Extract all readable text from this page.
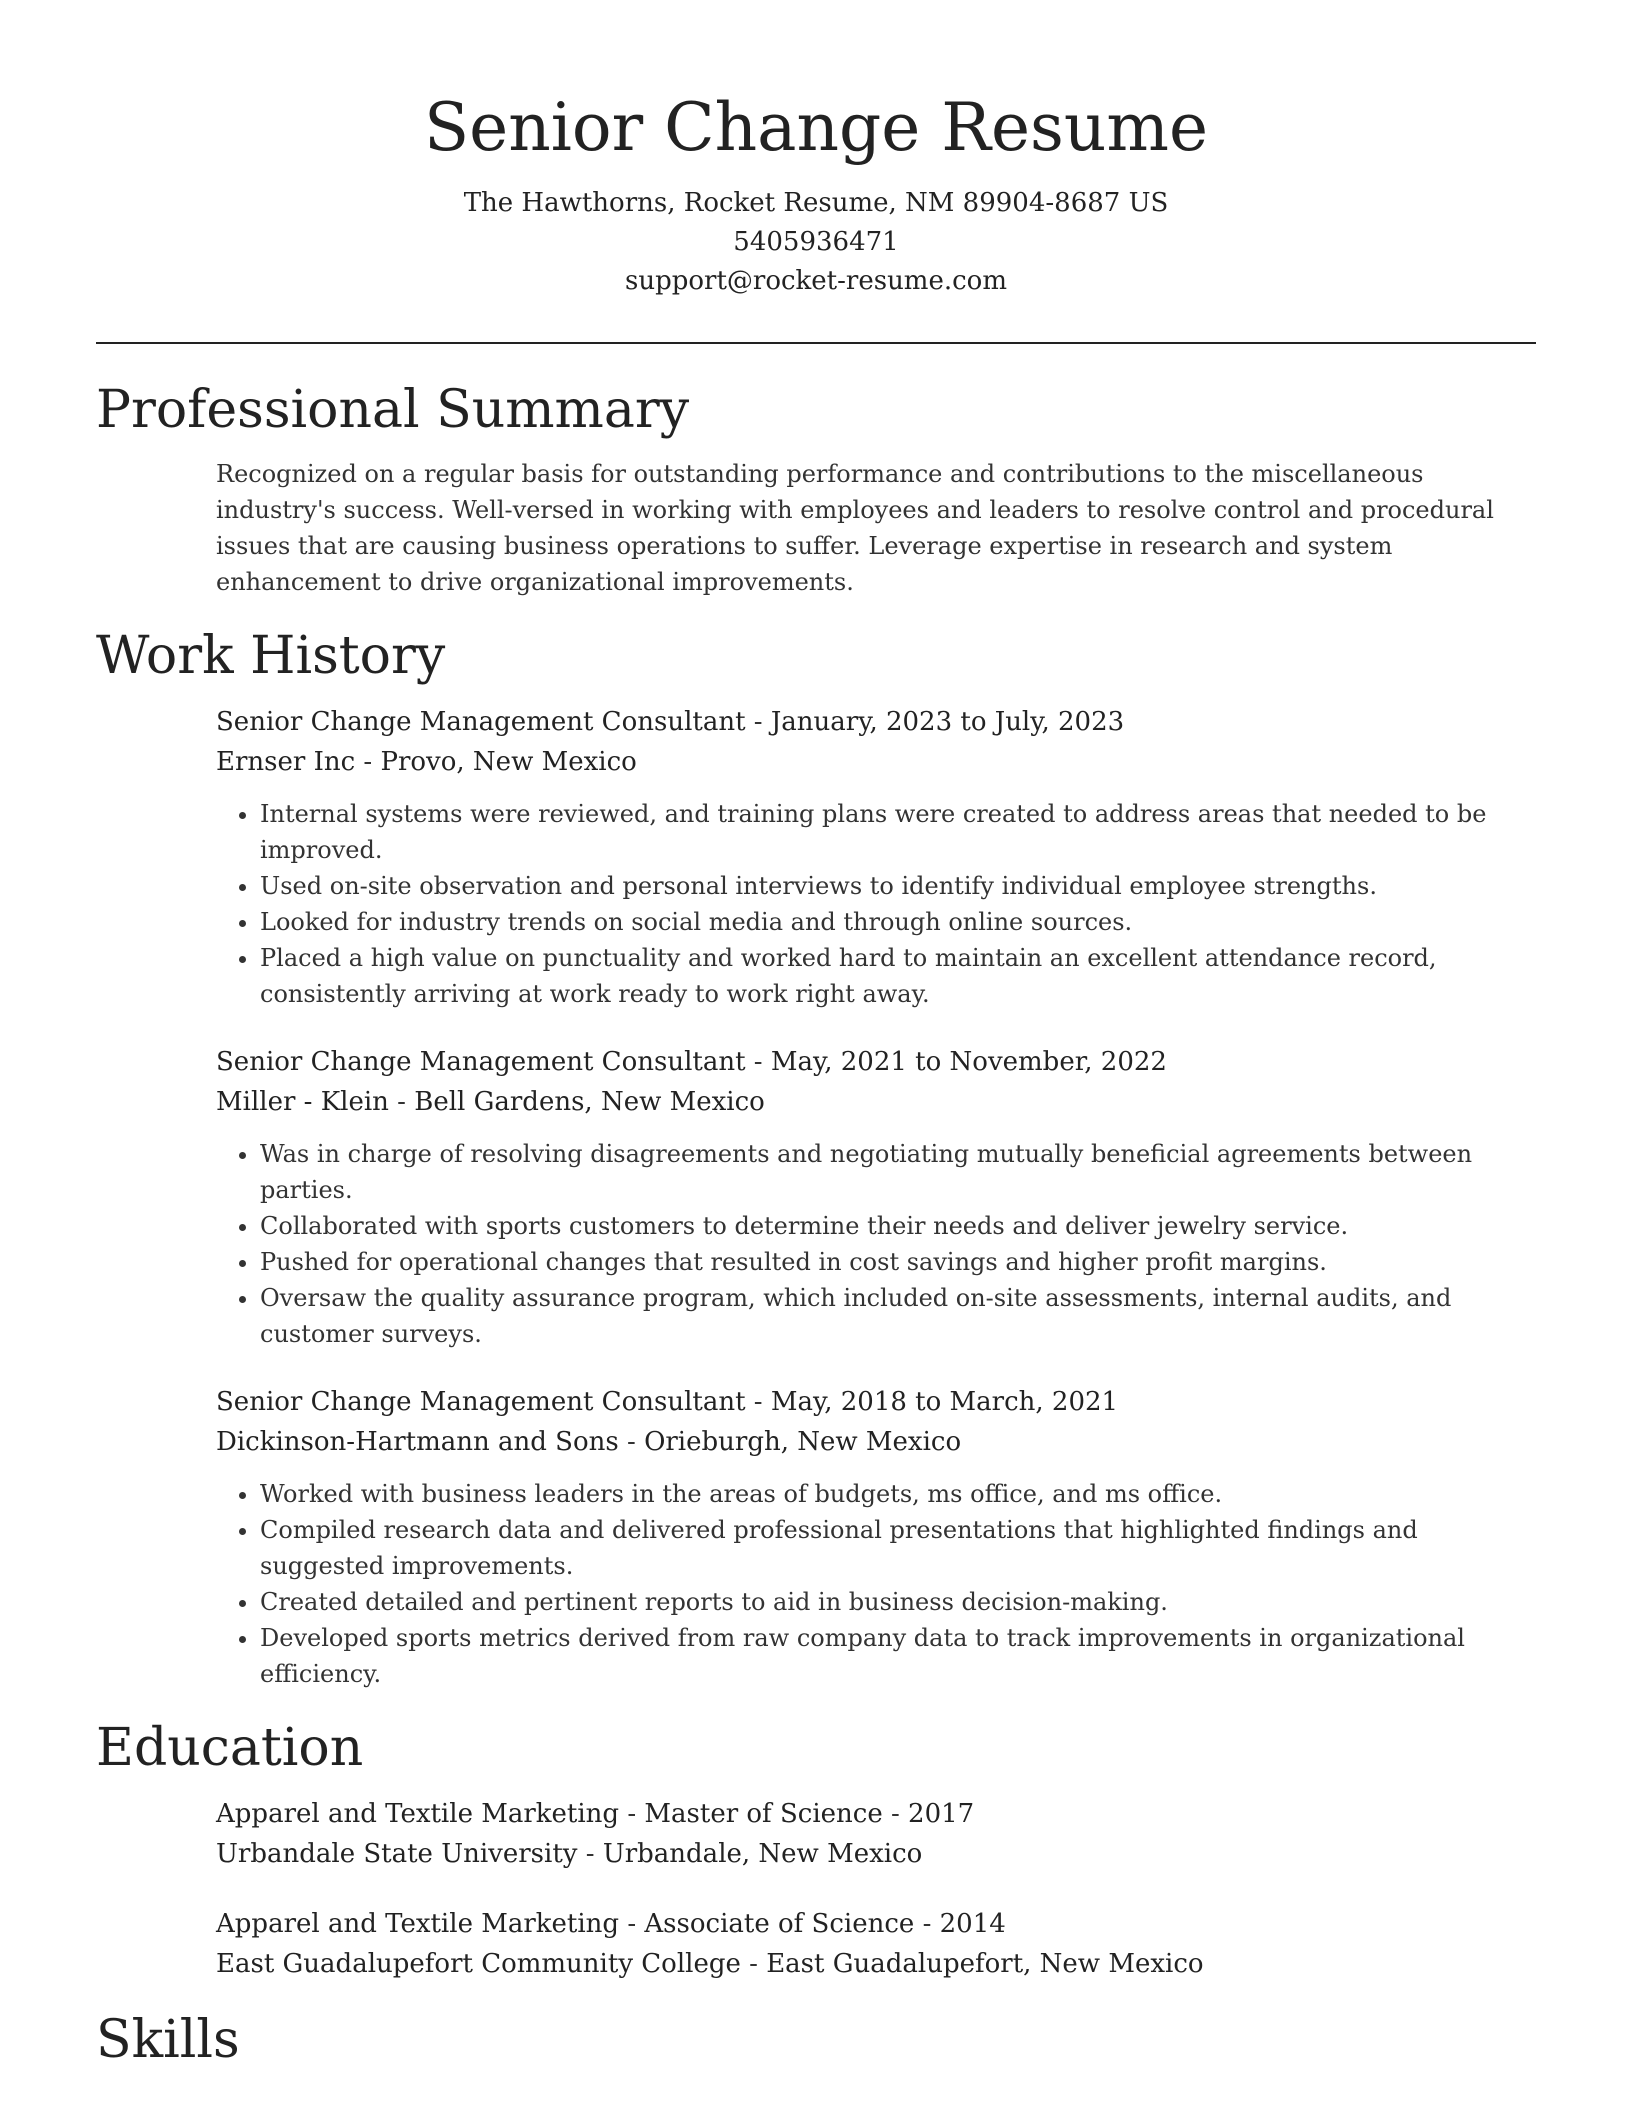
Senior Change Resume
The Hawthorns, Rocket Resume, NM 89904-8687 US
5405936471
support@rocket-resume.com
Professional Summary
Recognized on a regular basis for outstanding performance and contributions to the miscellaneous industry's success. Well-versed in working with employees and leaders to resolve control and procedural issues that are causing business operations to suffer. Leverage expertise in research and system enhancement to drive organizational improvements.
Work History
Senior Change Management Consultant - January, 2023 to July, 2023
Ernser Inc - Provo, New Mexico
• Internal systems were reviewed, and training plans were created to address areas that needed to be improved.
• Used on-site observation and personal interviews to identify individual employee strengths.
• Looked for industry trends on social media and through online sources.
• Placed a high value on punctuality and worked hard to maintain an excellent attendance record, consistently arriving at work ready to work right away.
Senior Change Management Consultant - May, 2021 to November, 2022
Miller - Klein - Bell Gardens, New Mexico
• Was in charge of resolving disagreements and negotiating mutually beneficial agreements between parties.
• Collaborated with sports customers to determine their needs and deliver jewelry service.
• Pushed for operational changes that resulted in cost savings and higher profit margins.
• Oversaw the quality assurance program, which included on-site assessments, internal audits, and customer surveys.
Senior Change Management Consultant - May, 2018 to March, 2021
Dickinson-Hartmann and Sons - Orieburgh, New Mexico
• Worked with business leaders in the areas of budgets, ms office, and ms office.
• Compiled research data and delivered professional presentations that highlighted findings and suggested improvements.
• Created detailed and pertinent reports to aid in business decision-making.
• Developed sports metrics derived from raw company data to track improvements in organizational efficiency.
Education
Apparel and Textile Marketing - Master of Science - 2017
Urbandale State University - Urbandale, New Mexico
Apparel and Textile Marketing - Associate of Science - 2014
East Guadalupefort Community College - East Guadalupefort, New Mexico
Skills
